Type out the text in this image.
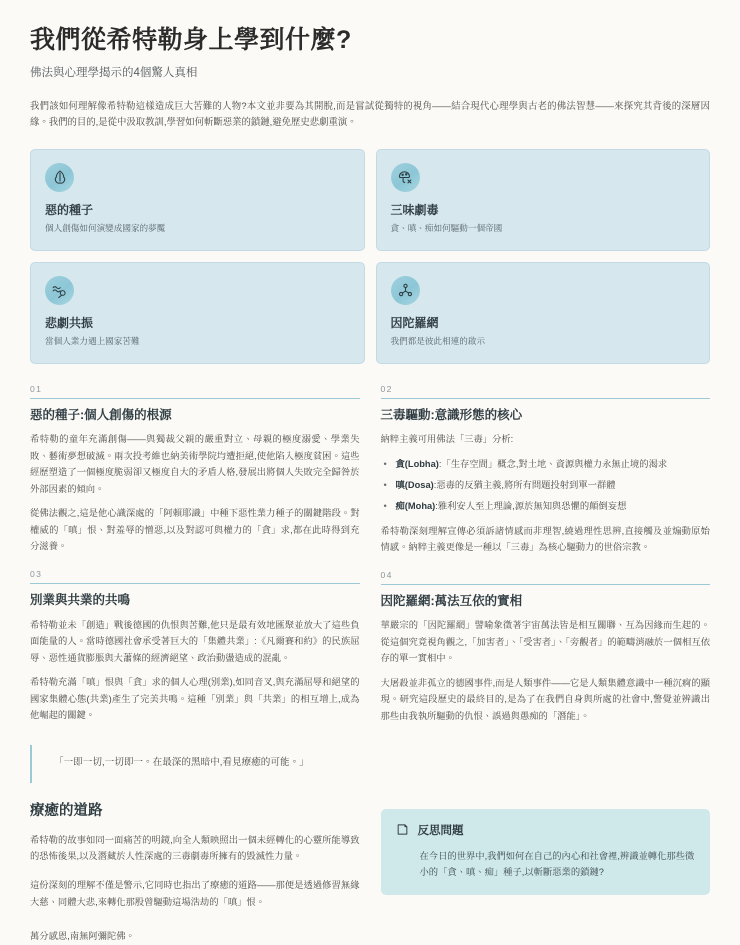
我們從希特勒身上學到什麼?
佛法與心理學揭示的4個驚人真相

我們該如何理解像希特勒這樣造成巨大苦難的人物?本文並非要為其開脫,而是嘗試從獨特的視角——結合現代心理學與古老的佛法智慧——來探究其背後的深層因緣。我們的目的,是從中汲取教訓,學習如何斬斷惡業的鎖鏈,避免歷史悲劇重演。

惡的種子
個人創傷如何演變成國家的夢魘
三味劇毒
貪、嗔、痴如何驅動一個帝國
悲劇共振
當個人業力遇上國家苦難
因陀羅網
我們都是彼此相連的啟示
01
惡的種子:個人創傷的根源

希特勒的童年充滿創傷——與獨裁父親的嚴重對立、母親的極度溺愛、學業失敗、藝術夢想破滅。兩次投考維也納美術學院均遭拒絕,使他陷入極度貧困。這些經歷塑造了一個極度脆弱卻又極度自大的矛盾人格,發展出將個人失敗完全歸咎於外部因素的傾向。

從佛法觀之,這是他心識深處的「阿賴耶識」中種下惡性業力種子的關鍵階段。對權威的「嗔」恨、對羞辱的憎惡,以及對認可與權力的「貪」求,都在此時得到充分滋養。

03
別業與共業的共鳴

希特勒並未「創造」戰後德國的仇恨與苦難,他只是最有效地匯聚並放大了這些負面能量的人。當時德國社會承受著巨大的「集體共業」:《凡爾賽和約》的民族屈辱、惡性通貨膨脹與大蕭條的經濟絕望、政治動盪造成的混亂。

希特勒充滿「嗔」恨與「貪」求的個人心理(別業),如同音叉,與充滿屈辱和絕望的國家集體心態(共業)產生了完美共鳴。這種「別業」與「共業」的相互增上,成為他崛起的關鍵。

02
三毒驅動:意識形態的核心

納粹主義可用佛法「三毒」分析:

• 貪(Lobha):「生存空間」概念,對土地、資源與權力永無止境的渴求
• 嗔(Dosa):惡毒的反猶主義,將所有問題投射到單一群體
• 痴(Moha):雅利安人至上理論,源於無知與恐懼的顛倒妄想

希特勒深刻理解宣傳必須訴諸情感而非理智,繞過理性思辨,直接觸及並煽動原始情感。納粹主義更像是一種以「三毒」為核心驅動力的世俗宗教。

04
因陀羅網:萬法互依的實相

華嚴宗的「因陀羅網」譬喻象徵著宇宙萬法皆是相互關聯、互為因緣而生起的。從這個究竟視角觀之,「加害者」、「受害者」、「旁觀者」的範疇消融於一個相互依存的單一實相中。

大屠殺並非孤立的德國事件,而是人類事件——它是人類集體意識中一種沉痾的顯現。研究這段歷史的最終目的,是為了在我們自身與所處的社會中,警覺並辨識出那些由我執所驅動的仇恨、誤過與愚痴的「潛能」。

「一即一切,一切即一。在最深的黑暗中,看見療癒的可能。」
療癒的道路

希特勒的故事如同一面痛苦的明鏡,向全人類映照出一個未經轉化的心靈所能導致的恐怖後果,以及潛藏於人性深處的三毒劇毒所擁有的毀滅性力量。

這份深刻的理解不僅是警示,它同時也指出了療癒的道路——那便是透過修習無緣大慈、同體大悲,來轉化那股曾驅動這場浩劫的「嗔」恨。

萬分感恩,南無阿彌陀佛。

反思問題
在今日的世界中,我們如何在自己的內心和社會裡,辨識並轉化那些微小的「貪、嗔、痴」種子,以斬斷惡業的鎖鏈?
